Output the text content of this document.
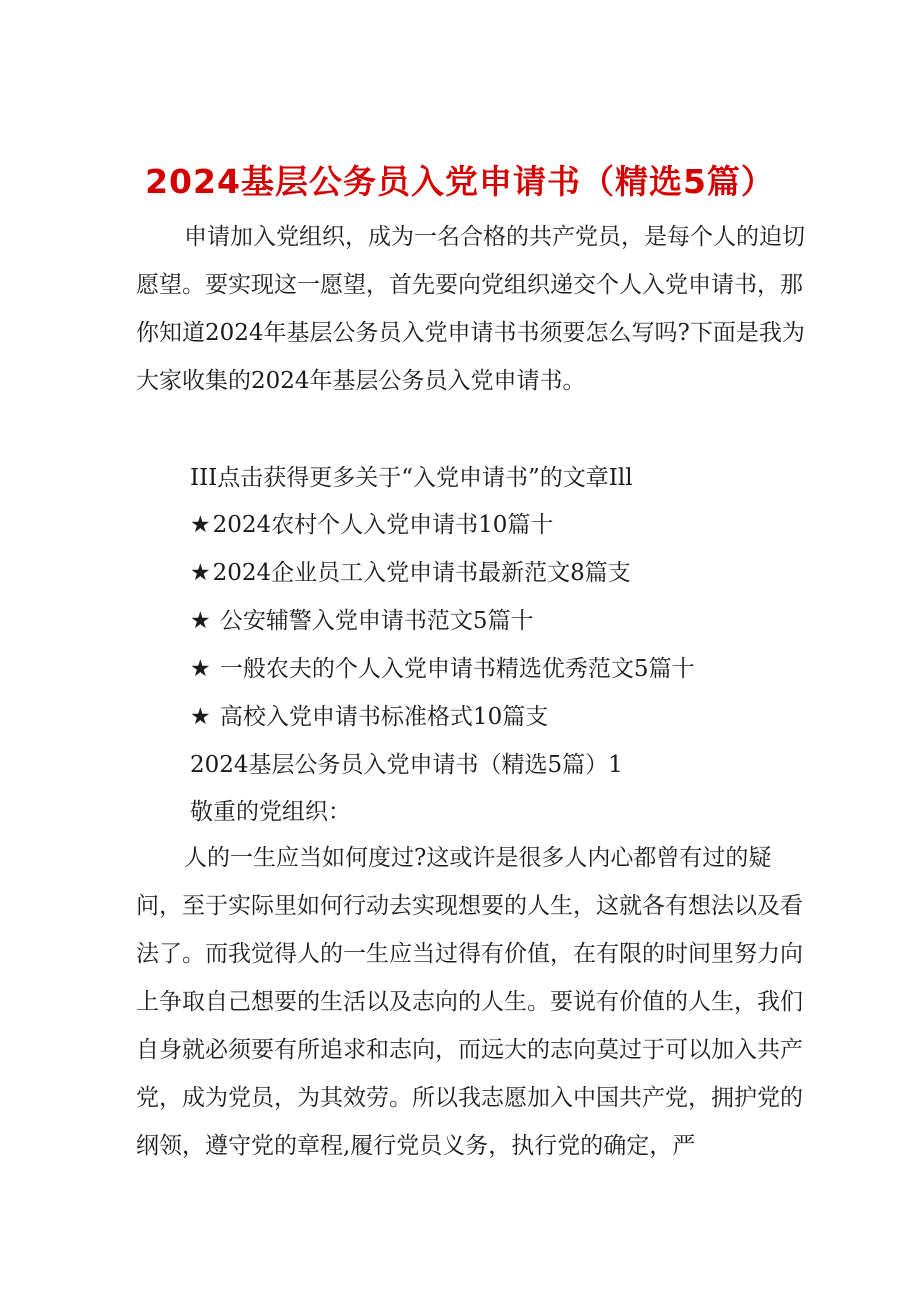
2024基层公务员入党申请书（精选5篇）

申请加入党组织，成为一名合格的共产党员，是每个人的迫切愿望。要实现这一愿望，首先要向党组织递交个人入党申请书，那你知道2024年基层公务员入党申请书书须要怎么写吗?下面是我为大家收集的2024年基层公务员入党申请书。

III点击获得更多关于“入党申请书”的文章Ill

★2024农村个人入党申请书10篇十

★2024企业员工入党申请书最新范文8篇支

★ 公安辅警入党申请书范文5篇十

★ 一般农夫的个人入党申请书精选优秀范文5篇十

★ 高校入党申请书标准格式10篇支

2024基层公务员入党申请书（精选5篇）1

敬重的党组织：

人的一生应当如何度过?这或许是很多人内心都曾有过的疑问，至于实际里如何行动去实现想要的人生，这就各有想法以及看法了。而我觉得人的一生应当过得有价值，在有限的时间里努力向上争取自己想要的生活以及志向的人生。要说有价值的人生，我们自身就必须要有所追求和志向，而远大的志向莫过于可以加入共产党，成为党员，为其效劳。所以我志愿加入中国共产党，拥护党的纲领，遵守党的章程,履行党员义务，执行党的确定，严
